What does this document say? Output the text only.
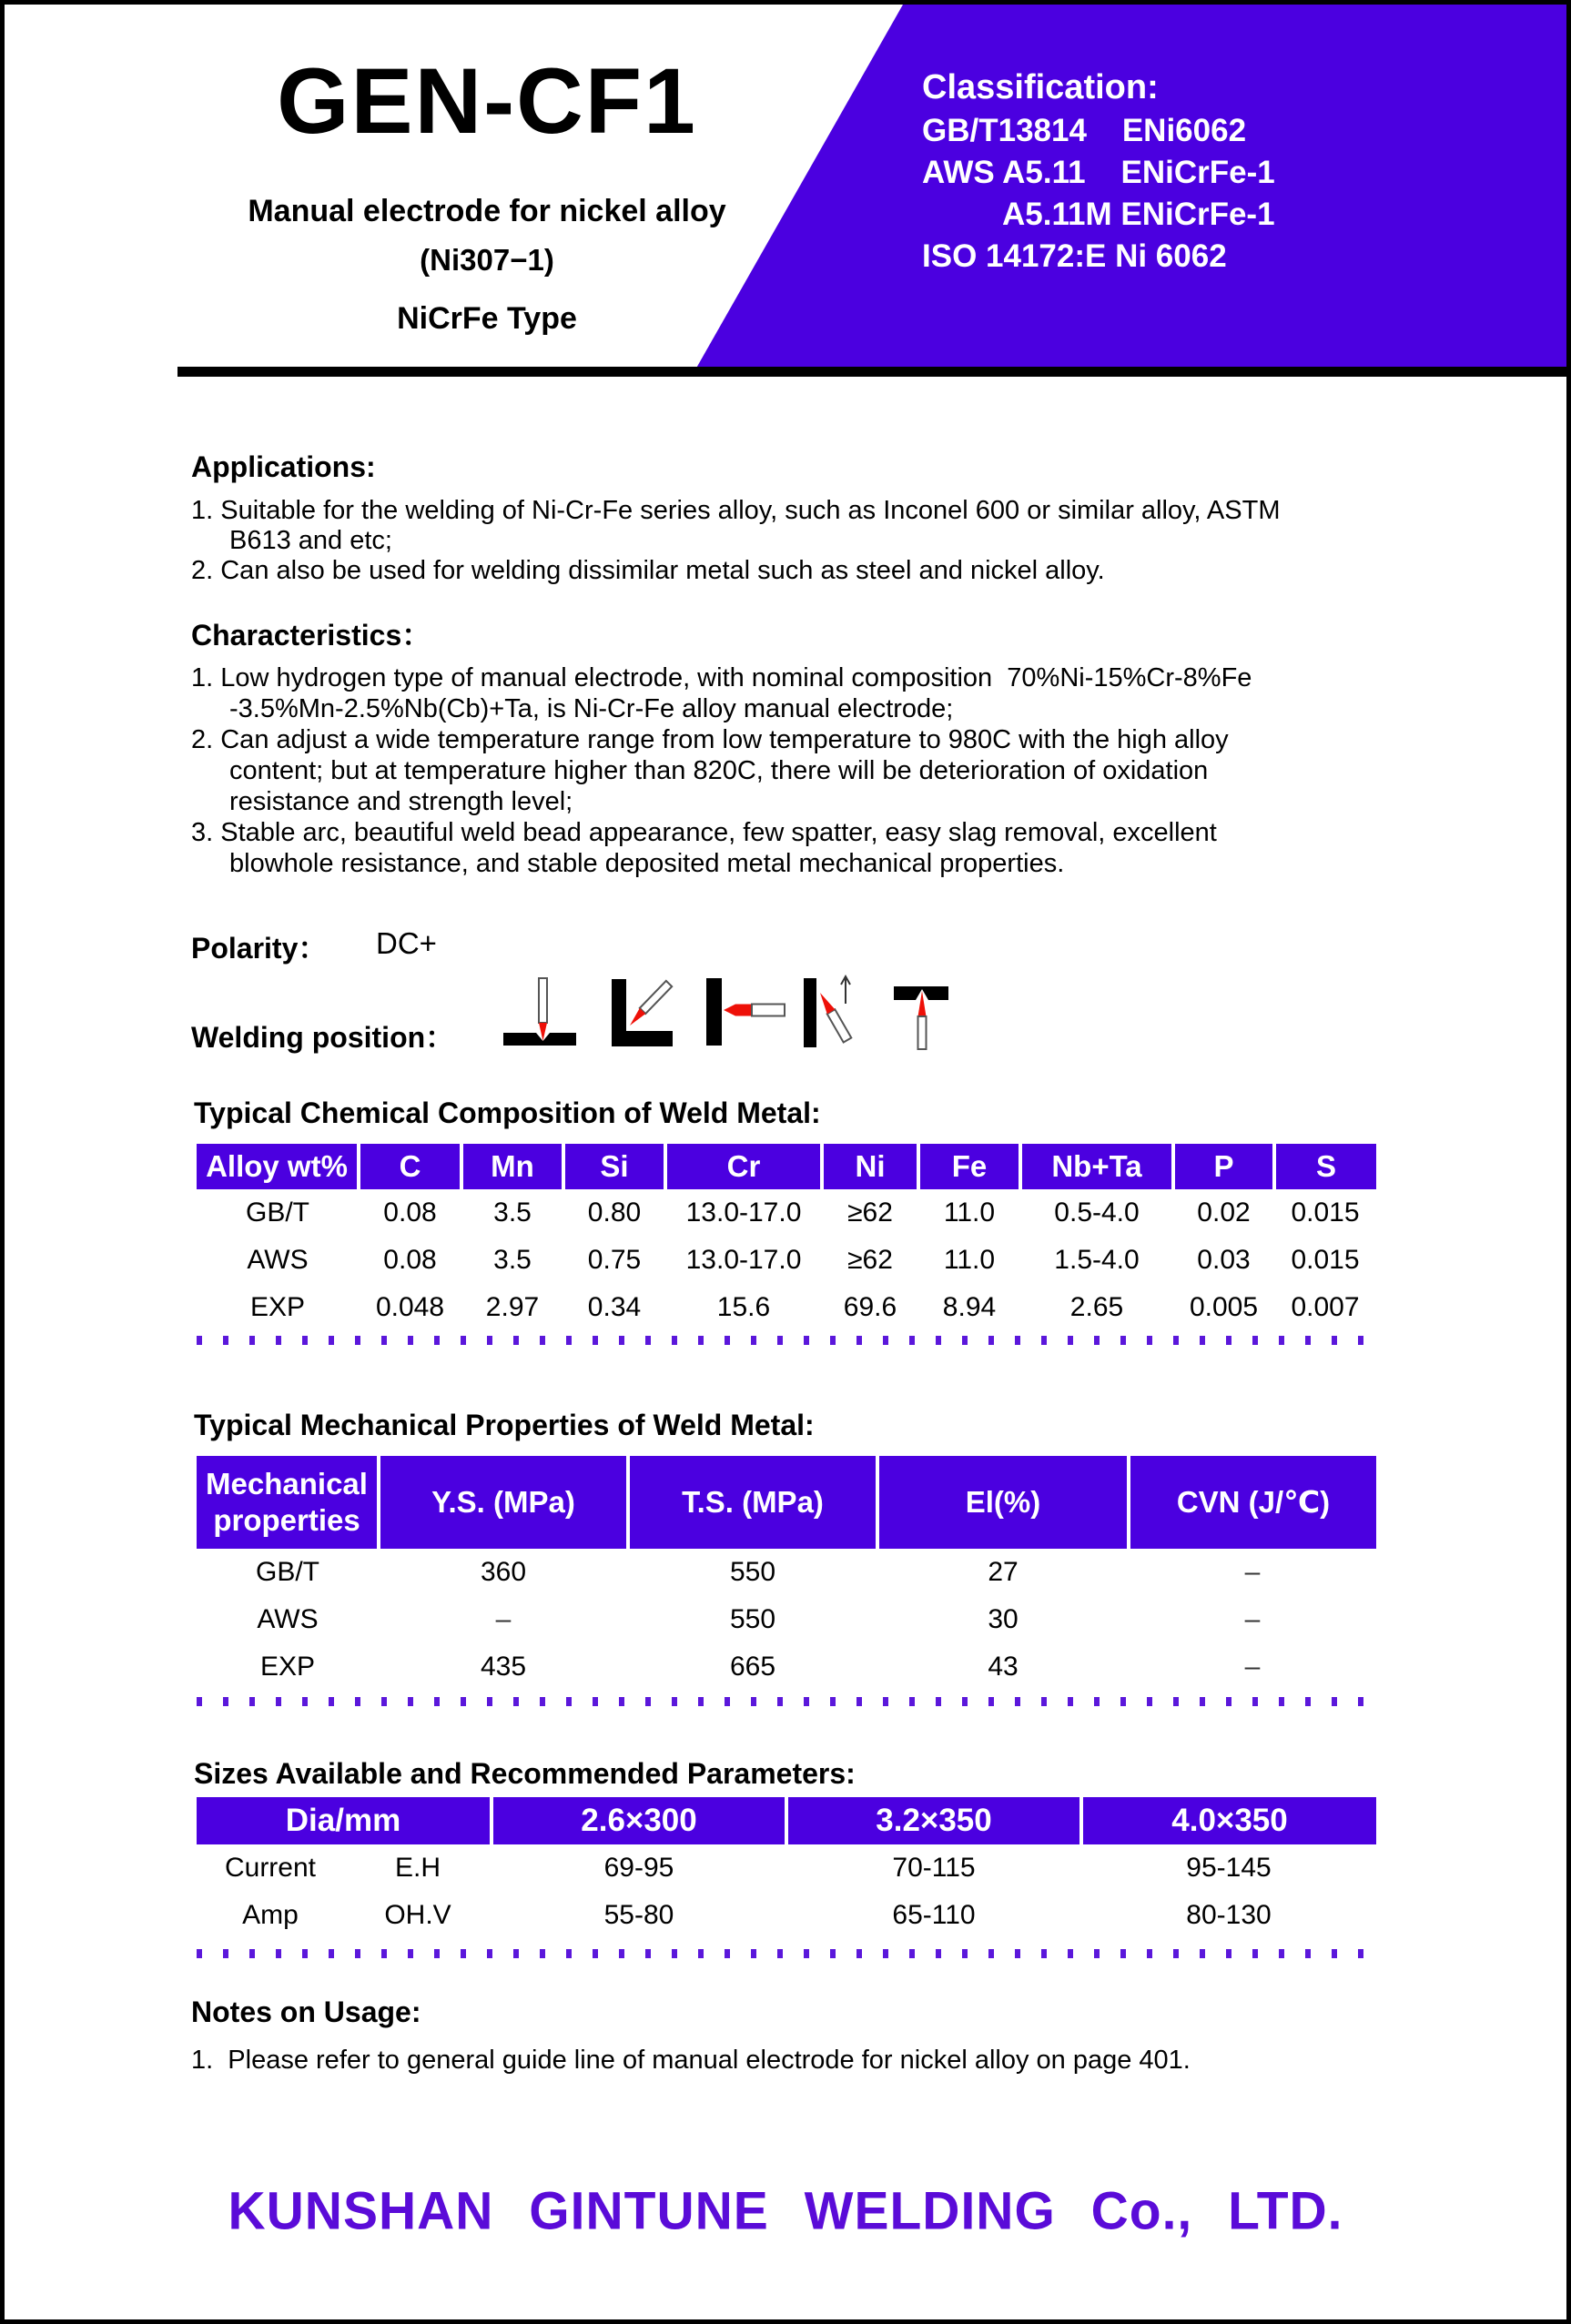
GEN-CF1
Manual electrode for nickel alloy
(Ni307−1)
NiCrFe Type
Classification:
GB/T13814    ENi6062
AWS A5.11    ENiCrFe-1
A5.11M ENiCrFe-1
ISO 14172:E Ni 6062
Applications:
1. Suitable for the welding of Ni-Cr-Fe series alloy, such as Inconel 600 or similar alloy, ASTM
B613 and etc;
2. Can also be used for welding dissimilar metal such as steel and nickel alloy.
Characteristics：
1. Low hydrogen type of manual electrode, with nominal composition  70%Ni-15%Cr-8%Fe
-3.5%Mn-2.5%Nb(Cb)+Ta, is Ni-Cr-Fe alloy manual electrode;
2. Can adjust a wide temperature range from low temperature to 980C with the high alloy
content; but at temperature higher than 820C, there will be deterioration of oxidation
resistance and strength level;
3. Stable arc, beautiful weld bead appearance, few spatter, easy slag removal, excellent
blowhole resistance, and stable deposited metal mechanical properties.
Polarity： DC+
Welding position：
Typical Chemical Composition of Weld Metal:
Alloy wt%	C	Mn	Si	Cr	Ni	Fe	Nb+Ta	P	S
GB/T	0.08	3.5	0.80	13.0-17.0	≥62	11.0	0.5-4.0	0.02	0.015
AWS	0.08	3.5	0.75	13.0-17.0	≥62	11.0	1.5-4.0	0.03	0.015
EXP	0.048	2.97	0.34	15.6	69.6	8.94	2.65	0.005	0.007
Typical Mechanical Properties of Weld Metal:
Mechanical
properties	Y.S. (MPa)	T.S. (MPa)	El(%)	CVN (J/℃)
GB/T	360	550	27	–
AWS	–	550	30	–
EXP	435	665	43	–
Sizes Available and Recommended Parameters:
Dia/mm	2.6×300	3.2×350	4.0×350

Current E.H	69-95	70-115	95-145

Amp OH.V	55-80	65-110	80-130
Notes on Usage:
1.  Please refer to general guide line of manual electrode for nickel alloy on page 401.
KUNSHAN GINTUNE WELDING Co., LTD.
